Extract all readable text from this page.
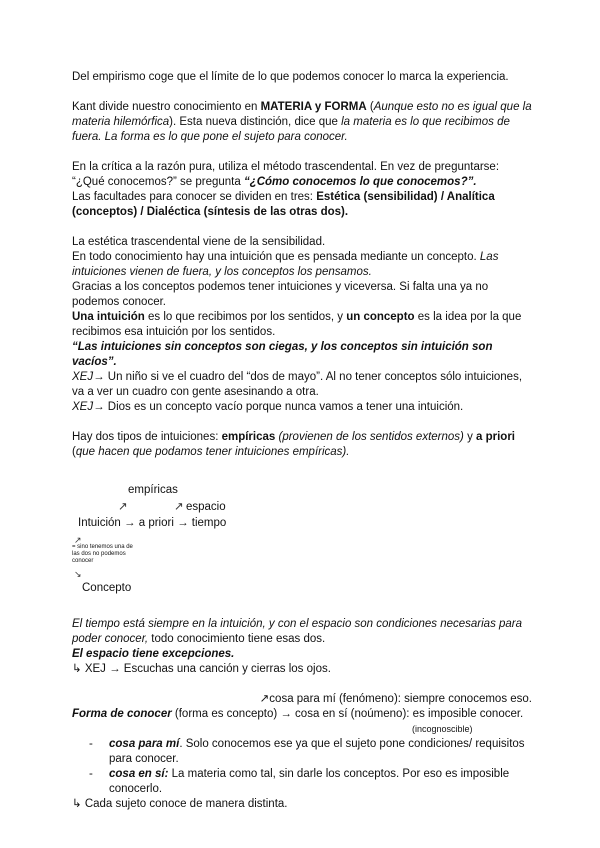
Del empirismo coge que el límite de lo que podemos conocer lo marca la experiencia.

Kant divide nuestro conocimiento en MATERIA y FORMA (Aunque esto no es igual que la materia hilemórfica). Esta nueva distinción, dice que la materia es lo que recibimos de fuera. La forma es lo que pone el sujeto para conocer.

En la crítica a la razón pura, utiliza el método trascendental. En vez de preguntarse: “¿Qué conocemos?” se pregunta “¿Cómo conocemos lo que conocemos?”.

Las facultades para conocer se dividen en tres: Estética (sensibilidad) / Analítica (conceptos) / Dialéctica (síntesis de las otras dos).

La estética trascendental viene de la sensibilidad.

En todo conocimiento hay una intuición que es pensada mediante un concepto. Las intuiciones vienen de fuera, y los conceptos los pensamos.

Gracias a los conceptos podemos tener intuiciones y viceversa. Si falta una ya no podemos conocer.

Una intuición es lo que recibimos por los sentidos, y un concepto es la idea por la que recibimos esa intuición por los sentidos.

“Las intuiciones sin conceptos son ciegas, y los conceptos sin intuición son vacíos”.

XEJ→ Un niño si ve el cuadro del “dos de mayo”. Al no tener conceptos sólo intuiciones, va a ver un cuadro con gente asesinando a otra.

XEJ→ Dios es un concepto vacío porque nunca vamos a tener una intuición.

Hay dos tipos de intuiciones: empíricas (provienen de los sentidos externos) y a priori (que hacen que podamos tener intuiciones empíricas).

empíricas
↗	↗ espacio
Intuición → a priori → tiempo
↗
= sino tenemos una de las dos no podemos conocer
↘
Concepto

El tiempo está siempre en la intuición, y con el espacio son condiciones necesarias para poder conocer, todo conocimiento tiene esas dos.

El espacio tiene excepciones.

↳ XEJ → Escuchas una canción y cierras los ojos.

↗cosa para mí (fenómeno): siempre conocemos eso.

Forma de conocer (forma es concepto) → cosa en sí (noúmeno): es imposible conocer.

(incognoscible)

- cosa para mí. Solo conocemos ese ya que el sujeto pone condiciones/ requisitos para conocer.
- cosa en sí: La materia como tal, sin darle los conceptos. Por eso es imposible conocerlo.

↳ Cada sujeto conoce de manera distinta.
